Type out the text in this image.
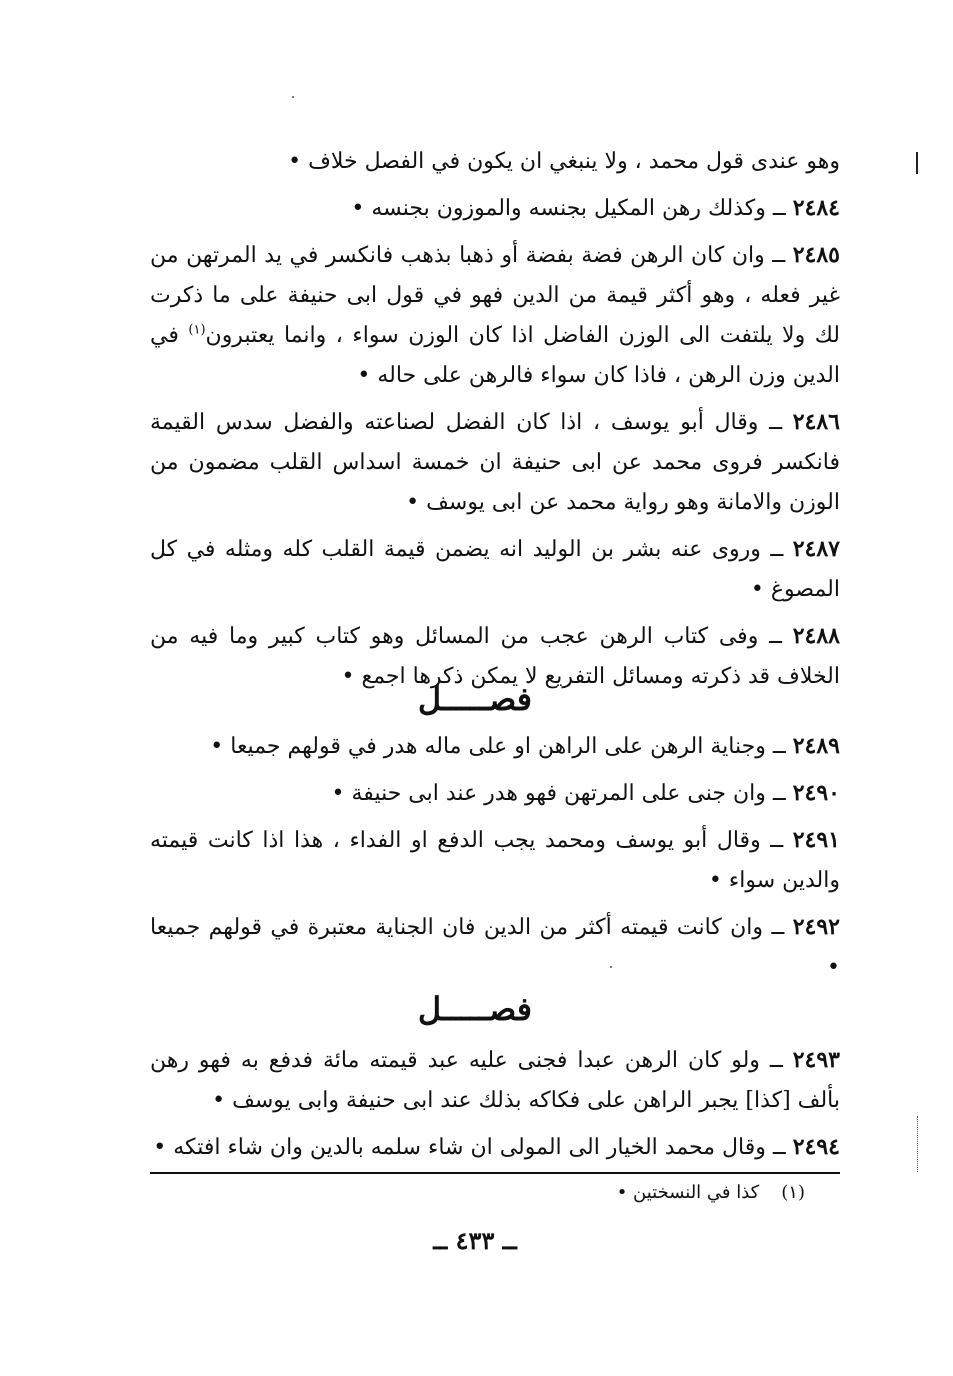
وهو عندى قول محمد ، ولا ينبغي ان يكون في الفصل خلاف •

٢٤٨٤ ــ وكذلك رهن المكيل بجنسه والموزون بجنسه •

٢٤٨٥ ــ وان كان الرهن فضة بفضة أو ذهبا بذهب فانكسر في يد المرتهن من غير فعله ، وهو أكثر قيمة من الدين فهو في قول ابى حنيفة على ما ذكرت لك ولا يلتفت الى الوزن الفاضل اذا كان الوزن سواء ، وانما يعتبرون$^{(١)}$ في الدين وزن الرهن ، فاذا كان سواء فالرهن على حاله •

٢٤٨٦ ــ وقال أبو يوسف ، اذا كان الفضل لصناعته والفضل سدس القيمة فانكسر فروى محمد عن ابى حنيفة ان خمسة اسداس القلب مضمون من الوزن والامانة وهو رواية محمد عن ابى يوسف •

٢٤٨٧ ــ وروى عنه بشر بن الوليد انه يضمن قيمة القلب كله ومثله في كل المصوغ •

٢٤٨٨ ــ وفى كتاب الرهن عجب من المسائل وهو كتاب كبير وما فيه من الخلاف قد ذكرته ومسائل التفريع لا يمكن ذكرها اجمع •

فصـــــل

٢٤٨٩ ــ وجناية الرهن على الراهن او على ماله هدر في قولهم جميعا •

٢٤٩٠ ــ وان جنى على المرتهن فهو هدر عند ابى حنيفة •

٢٤٩١ ــ وقال أبو يوسف ومحمد يجب الدفع او الفداء ، هذا اذا كانت قيمته والدين سواء •

٢٤٩٢ ــ وان كانت قيمته أكثر من الدين فان الجناية معتبرة في قولهم جميعا •

فصـــــل

٢٤٩٣ ــ ولو كان الرهن عبدا فجنى عليه عبد قيمته مائة فدفع به فهو رهن بألف [كذا] يجبر الراهن على فكاكه بذلك عند ابى حنيفة وابى يوسف •

٢٤٩٤ ــ وقال محمد الخيار الى المولى ان شاء سلمه بالدين وان شاء افتكه •

(١)كذا في النسختين •
ــ ٤٣٣ ــ
